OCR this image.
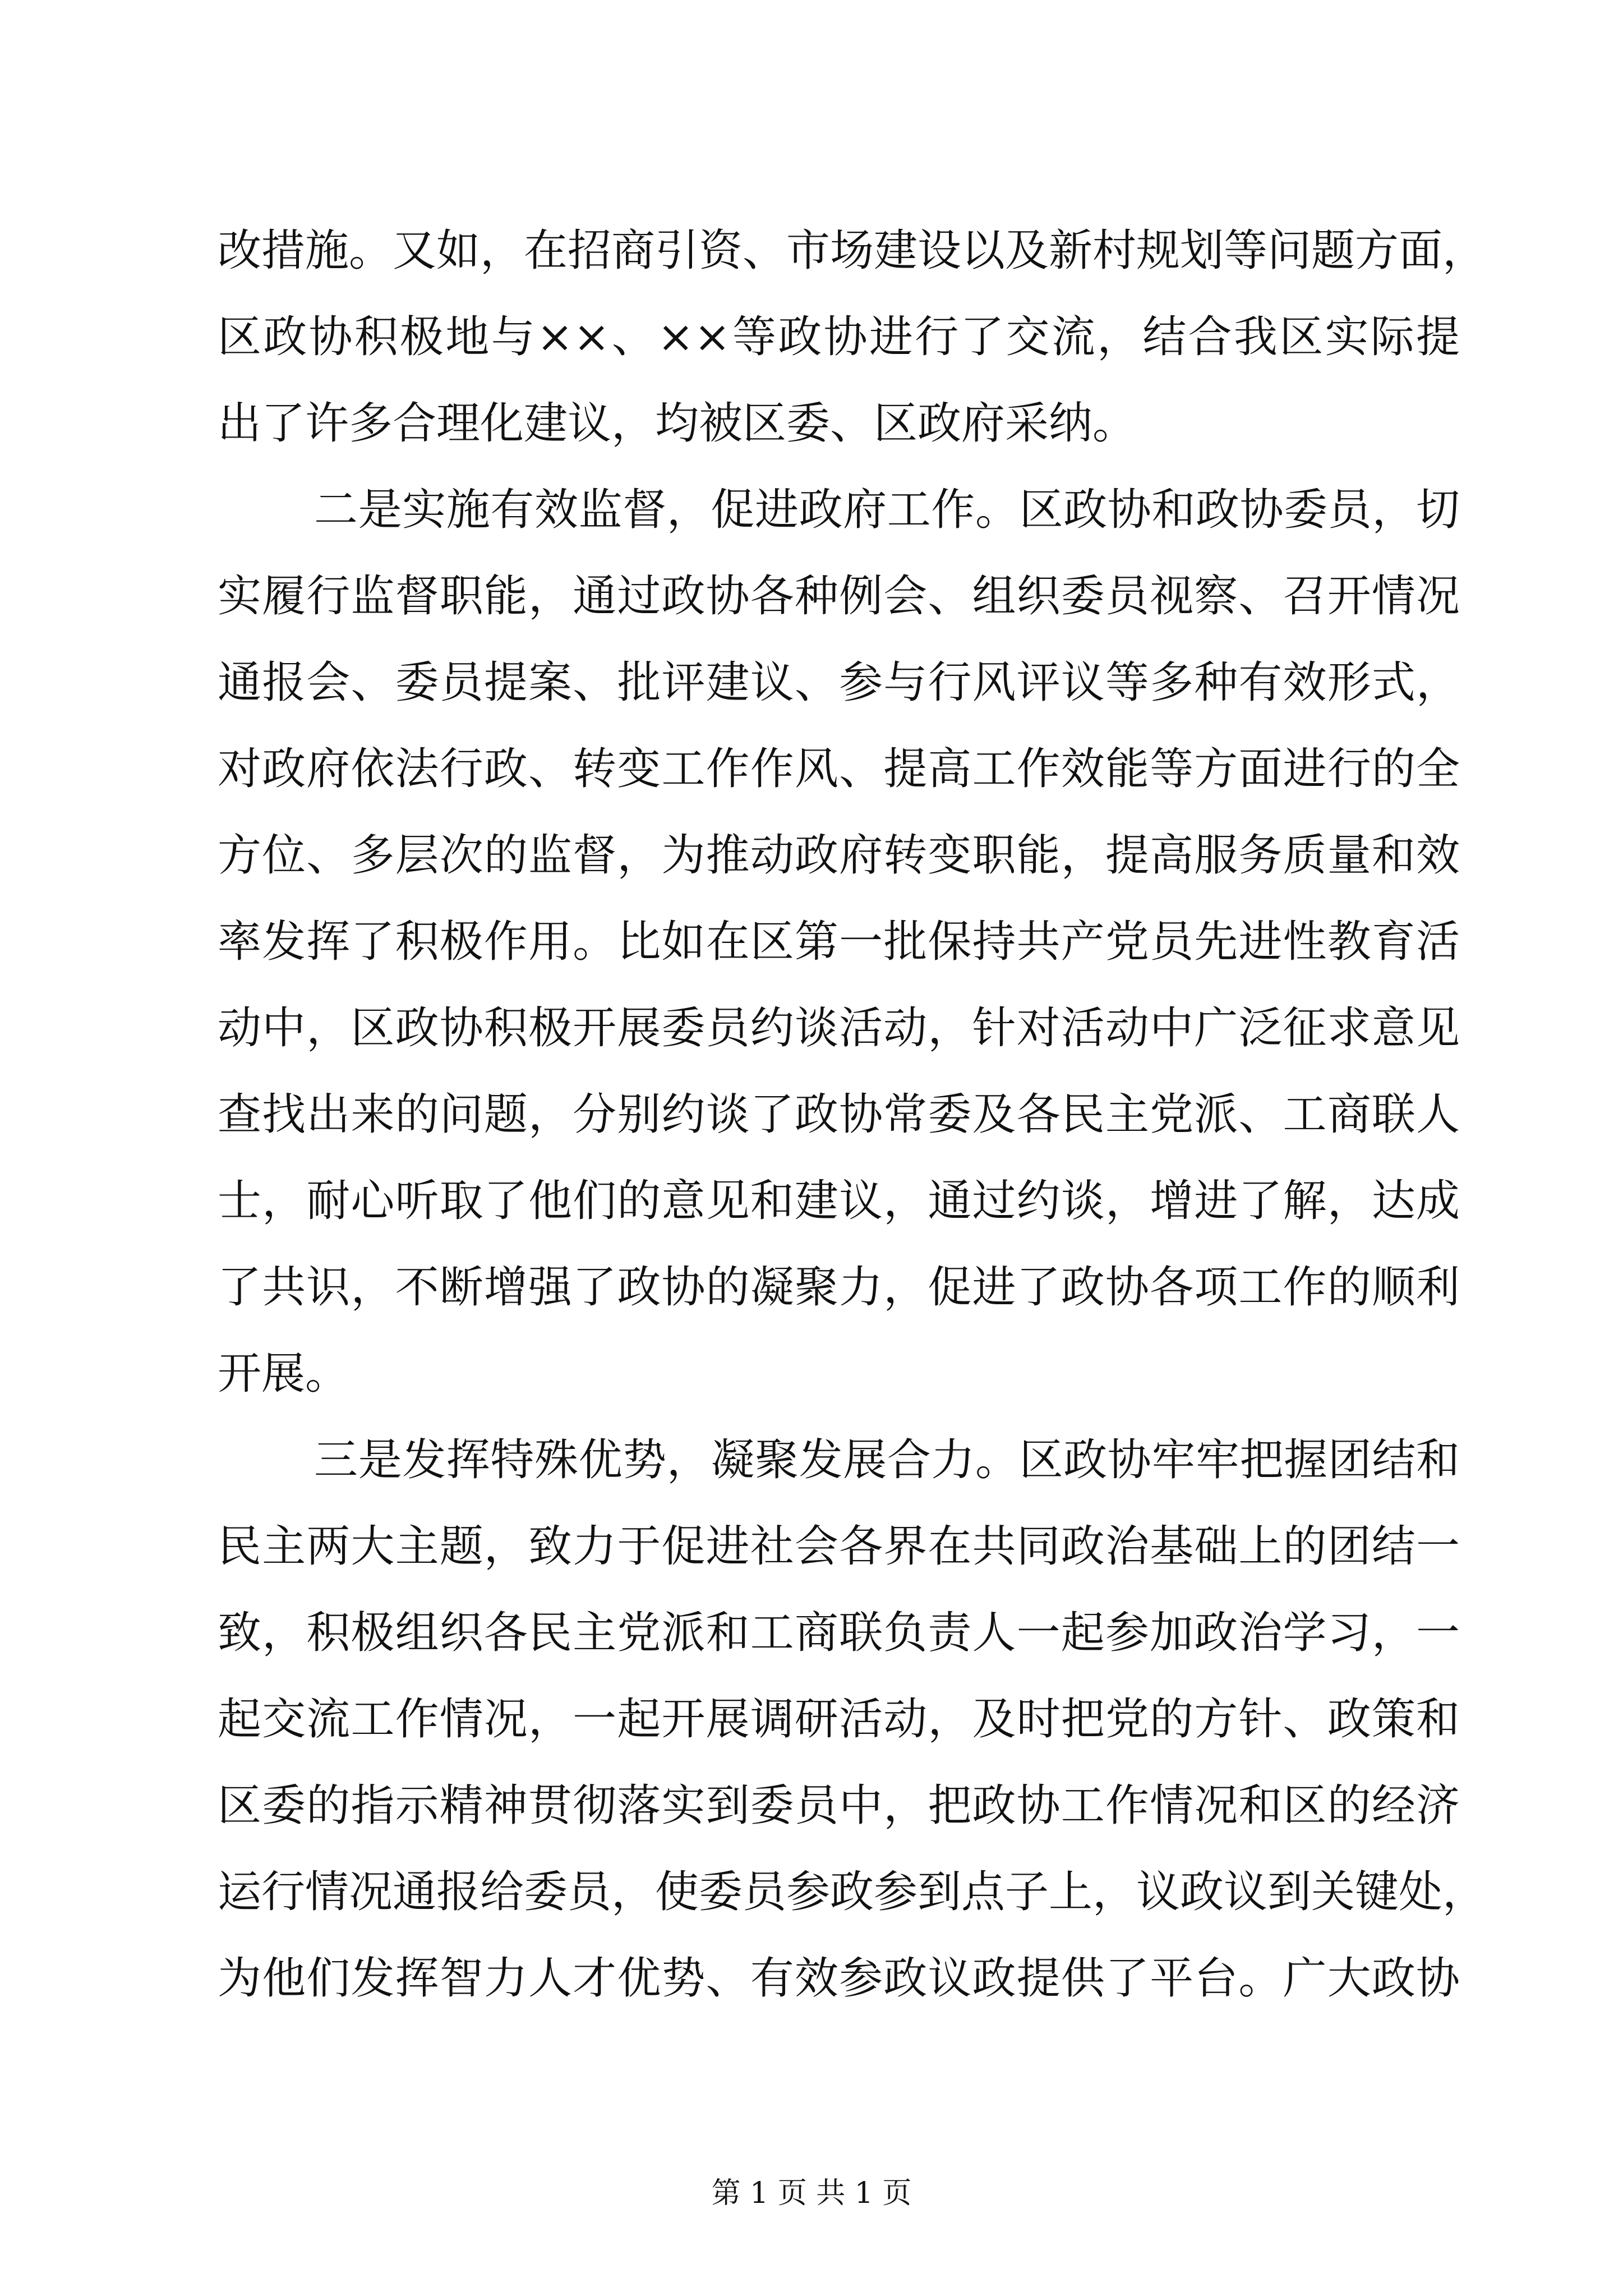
改措施。又如，在招商引资、市场建设以及新村规划等问题方面，
区政协积极地与××、××等政协进行了交流，结合我区实际提
出了许多合理化建议，均被区委、区政府采纳。
二是实施有效监督，促进政府工作。区政协和政协委员，切
实履行监督职能，通过政协各种例会、组织委员视察、召开情况
通报会、委员提案、批评建议、参与行风评议等多种有效形式，
对政府依法行政、转变工作作风、提高工作效能等方面进行的全
方位、多层次的监督，为推动政府转变职能，提高服务质量和效
率发挥了积极作用。比如在区第一批保持共产党员先进性教育活
动中，区政协积极开展委员约谈活动，针对活动中广泛征求意见
查找出来的问题，分别约谈了政协常委及各民主党派、工商联人
士，耐心听取了他们的意见和建议，通过约谈，增进了解，达成
了共识，不断增强了政协的凝聚力，促进了政协各项工作的顺利
开展。
三是发挥特殊优势，凝聚发展合力。区政协牢牢把握团结和
民主两大主题，致力于促进社会各界在共同政治基础上的团结一
致，积极组织各民主党派和工商联负责人一起参加政治学习，一
起交流工作情况，一起开展调研活动，及时把党的方针、政策和
区委的指示精神贯彻落实到委员中，把政协工作情况和区的经济
运行情况通报给委员，使委员参政参到点子上，议政议到关键处，
为他们发挥智力人才优势、有效参政议政提供了平台。广大政协
第 1 页 共 1 页
